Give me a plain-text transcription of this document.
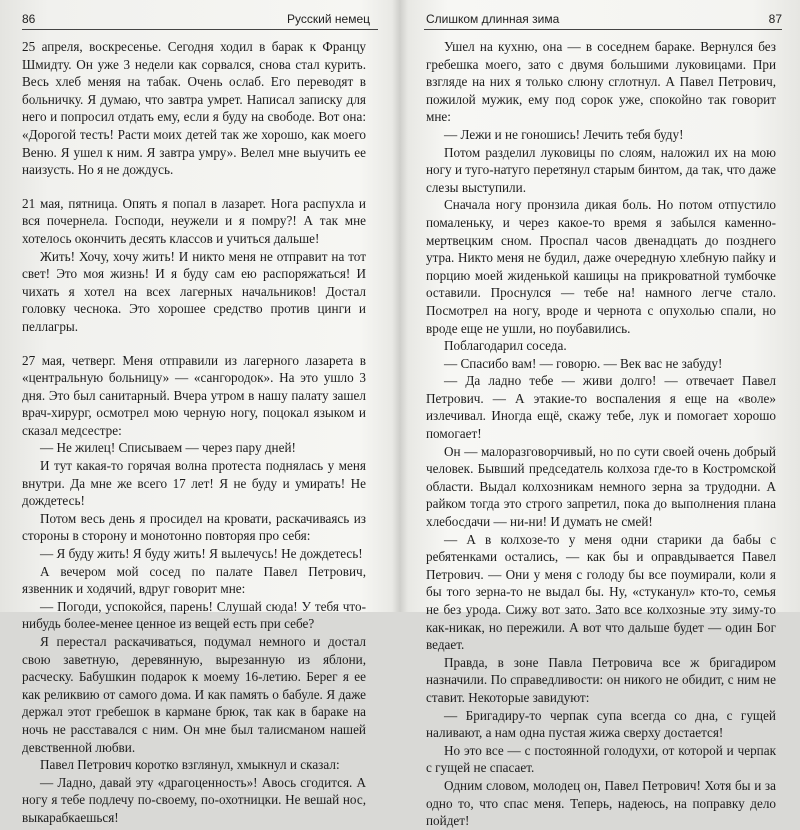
86	Русский немец

25 апреля, воскресенье. Сегодня ходил в барак к Францу Шмидту. Он уже 3 недели как сорвался, снова стал курить. Весь хлеб меняя на табак. Очень ослаб. Его переводят в больничку. Я думаю, что завтра умрет. Написал записку для него и попросил отдать ему, если я буду на свободе. Вот она: «Дорогой тесть! Расти моих детей так же хорошо, как моего Веню. Я ушел к ним. Я завтра умру». Велел мне выучить ее наизусть. Но я не дождусь.

21 мая, пятница. Опять я попал в лазарет. Нога распухла и вся почернела. Господи, неужели и я помру?! А так мне хотелось окончить десять классов и учиться дальше!

Жить! Хочу, хочу жить! И никто меня не отправит на тот свет! Это моя жизнь! И я буду сам ею распоряжаться! И чихать я хотел на всех лагерных начальников! Достал головку чеснока. Это хорошее средство против цинги и пеллагры.

27 мая, четверг. Меня отправили из лагерного лазарета в «центральную больницу» — «сангородок». На это ушло 3 дня. Это был санитарный. Вчера утром в нашу палату зашел врач-хирург, осмотрел мою черную ногу, поцокал языком и сказал медсестре:

— Не жилец! Списываем — через пару дней!

И тут какая-то горячая волна протеста поднялась у меня внутри. Да мне же всего 17 лет! Я не буду и умирать! Не дождетесь!

Потом весь день я просидел на кровати, раскачиваясь из стороны в сторону и монотонно повторяя про себя:

— Я буду жить! Я буду жить! Я вылечусь! Не дождетесь!

А вечером мой сосед по палате Павел Петрович, язвенник и ходячий, вдруг говорит мне:

— Погоди, успокойся, парень! Слушай сюда! У тебя что-нибудь более-менее ценное из вещей есть при себе?

Я перестал раскачиваться, подумал немного и достал свою заветную, деревянную, вырезанную из яблони, расческу. Бабушкин подарок к моему 16-летию. Берег я ее как реликвию от самого дома. И как память о бабуле. Я даже держал этот гребешок в кармане брюк, так как в бараке на ночь не расставался с ним. Он мне был талисманом нашей девственной любви.

Павел Петрович коротко взглянул, хмыкнул и сказал:

— Ладно, давай эту «драгоценность»! Авось сгодится. А ногу я тебе подлечу по-своему, по-охотницки. Не вешай нос, выкарабкаешься!

Слишком длинная зима	87

Ушел на кухню, она — в соседнем бараке. Вернулся без гребешка моего, зато с двумя большими луковицами. При взгляде на них я только слюну сглотнул. А Павел Петрович, пожилой мужик, ему под сорок уже, спокойно так говорит мне:

— Лежи и не гоношись! Лечить тебя буду!

Потом разделил луковицы по слоям, наложил их на мою ногу и туго-натуго перетянул старым бинтом, да так, что даже слезы выступили.

Сначала ногу пронзила дикая боль. Но потом отпустило помаленьку, и через какое-то время я забылся каменно-мертвецким сном. Проспал часов двенадцать до позднего утра. Никто меня не будил, даже очередную хлебную пайку и порцию моей жиденькой кашицы на прикроватной тумбочке оставили. Проснулся — тебе на! намного легче стало. Посмотрел на ногу, вроде и чернота с опухолью спали, но вроде еще не ушли, но поубавились.

Поблагодарил соседа.

— Спасибо вам! — говорю. — Век вас не забуду!

— Да ладно тебе — живи долго! — отвечает Павел Петрович. — А этакие-то воспаления я еще на «воле» излечивал. Иногда ещё, скажу тебе, лук и помогает хорошо помогает!

Он — малоразговорчивый, но по сути своей очень добрый человек. Бывший председатель колхоза где-то в Костромской области. Выдал колхозникам немного зерна за трудодни. А райком тогда это строго запретил, пока до выполнения плана хлебосдачи — ни-ни! И думать не смей!

— А в колхозе-то у меня одни старики да бабы с ребятенками остались, — как бы и оправдывается Павел Петрович. — Они у меня с голоду бы все поумирали, коли я бы того зерна-то не выдал бы. Ну, «стуканул» кто-то, семья не без урода. Сижу вот зато. Зато все колхозные эту зиму-то как-никак, но пережили. А вот что дальше будет — один Бог ведает.

Правда, в зоне Павла Петровича все ж бригадиром назначили. По справедливости: он никого не обидит, с ним не ставит. Некоторые завидуют:

— Бригадиру-то черпак супа всегда со дна, с гущей наливают, а нам одна пустая жижа сверху достается!

Но это все — с постоянной голодухи, от которой и черпак с гущей не спасает.

Одним словом, молодец он, Павел Петрович! Хотя бы и за одно то, что спас меня. Теперь, надеюсь, на поправку дело пойдет!
